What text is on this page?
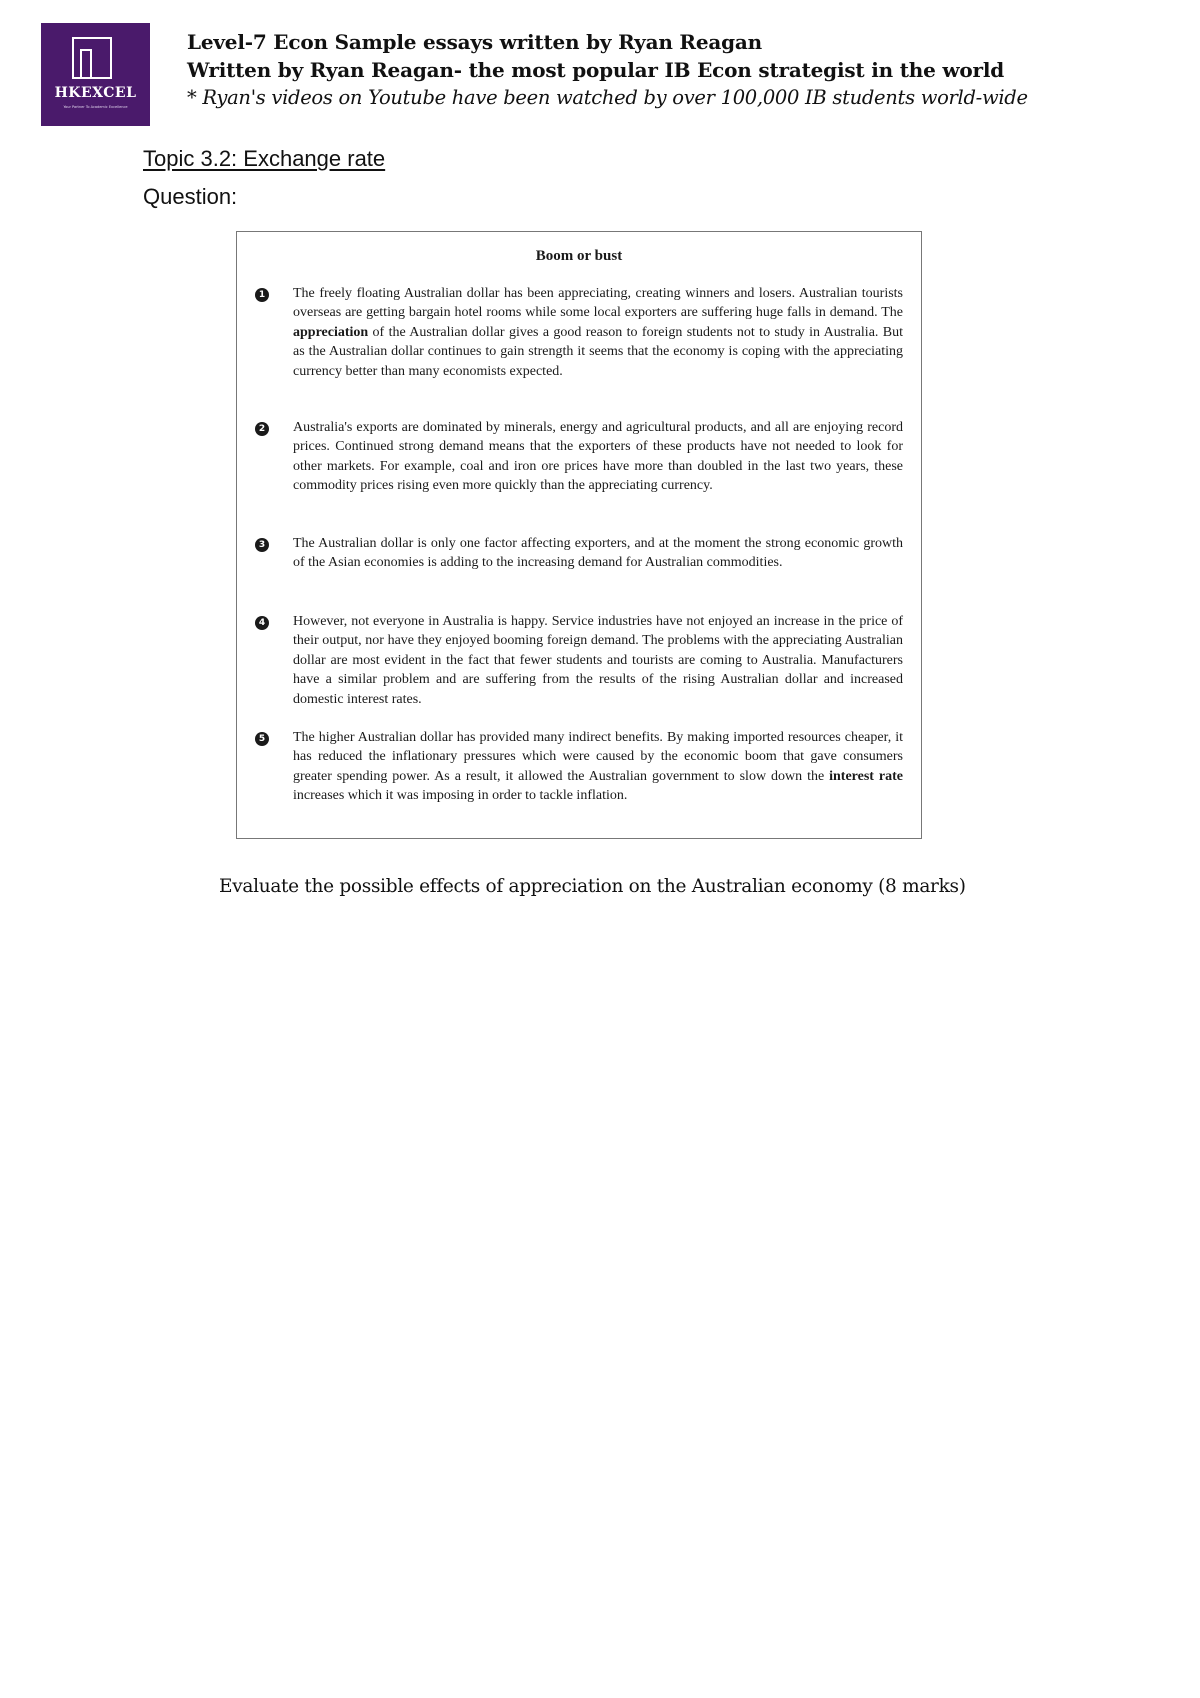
HKEXCEL
Your Partner To Academic Excellence
Level-7 Econ Sample essays written by Ryan Reagan
Written by Ryan Reagan- the most popular IB Econ strategist in the world
* Ryan's videos on Youtube have been watched by over 100,000 IB students world-wide
Topic 3.2: Exchange rate
Question:
Boom or bust
1 The freely floating Australian dollar has been appreciating, creating winners and losers. Australian tourists overseas are getting bargain hotel rooms while some local exporters are suffering huge falls in demand. The appreciation of the Australian dollar gives a good reason to foreign students not to study in Australia. But as the Australian dollar continues to gain strength it seems that the economy is coping with the appreciating currency better than many economists expected.
2 Australia's exports are dominated by minerals, energy and agricultural products, and all are enjoying record prices. Continued strong demand means that the exporters of these products have not needed to look for other markets. For example, coal and iron ore prices have more than doubled in the last two years, these commodity prices rising even more quickly than the appreciating currency.
3 The Australian dollar is only one factor affecting exporters, and at the moment the strong economic growth of the Asian economies is adding to the increasing demand for Australian commodities.
4 However, not everyone in Australia is happy. Service industries have not enjoyed an increase in the price of their output, nor have they enjoyed booming foreign demand. The problems with the appreciating Australian dollar are most evident in the fact that fewer students and tourists are coming to Australia. Manufacturers have a similar problem and are suffering from the results of the rising Australian dollar and increased domestic interest rates.
5 The higher Australian dollar has provided many indirect benefits. By making imported resources cheaper, it has reduced the inflationary pressures which were caused by the economic boom that gave consumers greater spending power. As a result, it allowed the Australian government to slow down the interest rate increases which it was imposing in order to tackle inflation.
Evaluate the possible effects of appreciation on the Australian economy (8 marks)
